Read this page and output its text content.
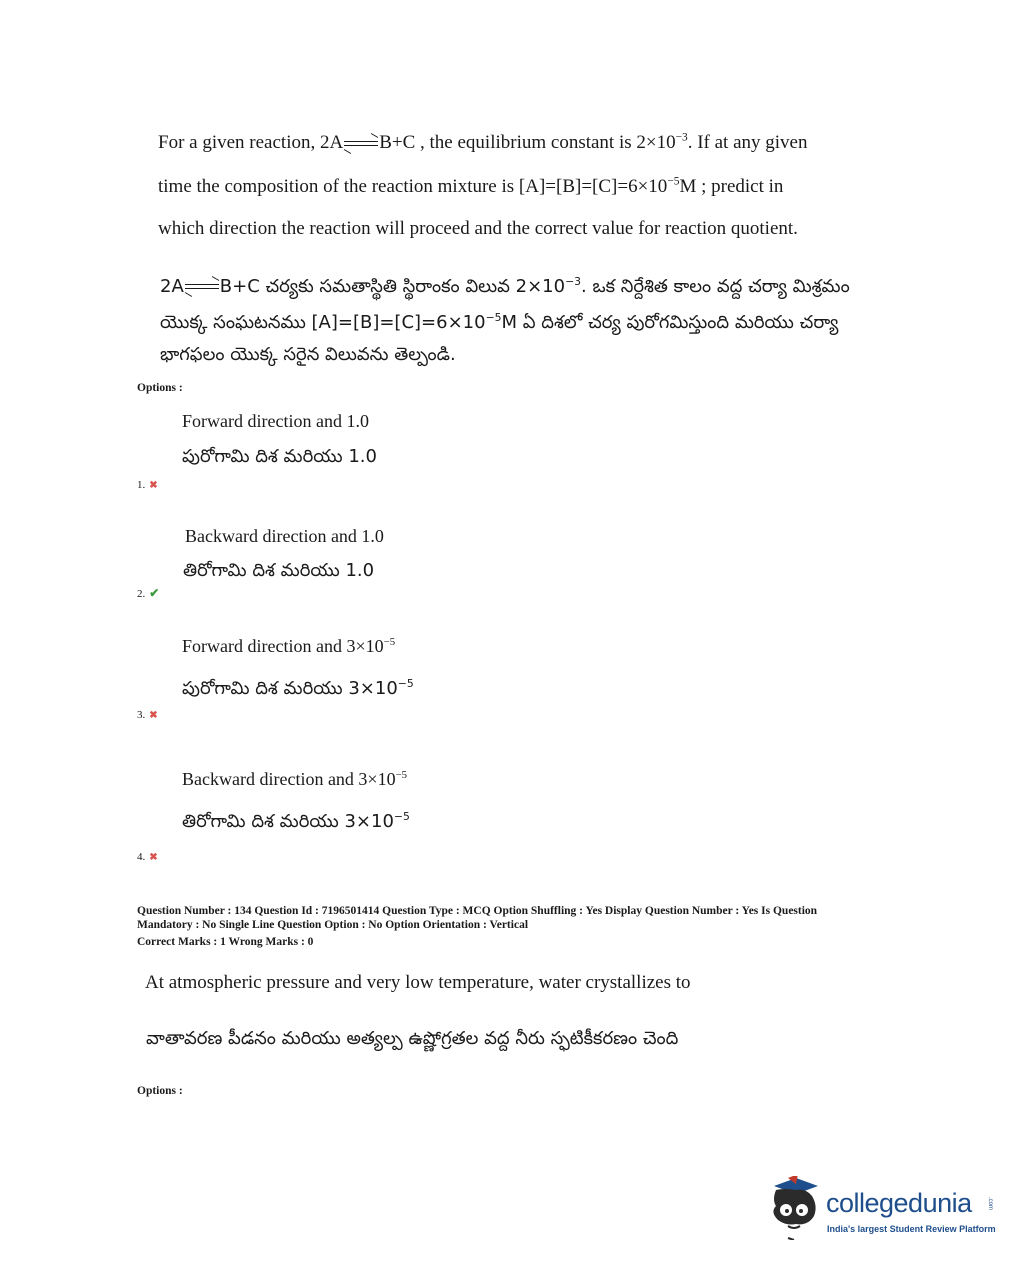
For a given reaction, 2A B+C , the equilibrium constant is $2\times 10^{-3}$. If at any given
time the composition of the reaction mixture is $[A]=[B]=[C]=6\times 10^{-5}M$ ; predict in
which direction the reaction will proceed and the correct value for reaction quotient.
2A B+C చర్యకు సమతాస్థితి స్థిరాంకం విలువ $2\times 10^{-3}$. ఒక నిర్దేశిత కాలం వద్ద చర్యా మిశ్రమం
యొక్క సంఘటనము $[A]=[B]=[C]=6\times 10^{-5}M$ ఏ దిశలో చర్య పురోగమిస్తుంది మరియు చర్యా
భాగఫలం యొక్క సరైన విలువను తెల్పండి.
Options :
Forward direction and 1.0
పురోగామి దిశ మరియు 1.0
1. ✖
Backward direction and 1.0
తిరోగామి దిశ మరియు 1.0
2. ✔
Forward direction and $3\times 10^{-5}$
పురోగామి దిశ మరియు $3\times 10^{-5}$
3. ✖
Backward direction and $3\times 10^{-5}$
తిరోగామి దిశ మరియు $3\times 10^{-5}$
4. ✖
Question Number : 134 Question Id : 7196501414 Question Type : MCQ Option Shuffling : Yes Display Question Number : Yes Is Question
Mandatory : No Single Line Question Option : No Option Orientation : Vertical
Correct Marks : 1 Wrong Marks : 0
At atmospheric pressure and very low temperature, water crystallizes to
వాతావరణ పీడనం మరియు అత్యల్ప ఉష్ణోగ్రతల వద్ద నీరు స్ఫటికీకరణం చెంది
Options :
collegedunia	.com
India's largest Student Review Platform
